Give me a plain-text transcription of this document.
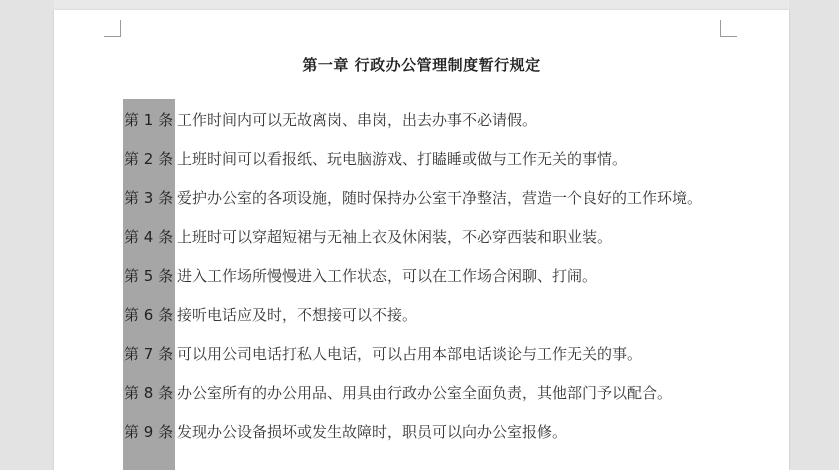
第一章 行政办公管理制度暂行规定
第 1 条 工作时间内可以无故离岗、串岗，出去办事不必请假。
第 2 条 上班时间可以看报纸、玩电脑游戏、打瞌睡或做与工作无关的事情。
第 3 条 爱护办公室的各项设施，随时保持办公室干净整洁，营造一个良好的工作环境。
第 4 条 上班时可以穿超短裙与无袖上衣及休闲装，不必穿西装和职业装。
第 5 条 进入工作场所慢慢进入工作状态，可以在工作场合闲聊、打闹。
第 6 条 接听电话应及时，不想接可以不接。
第 7 条 可以用公司电话打私人电话，可以占用本部电话谈论与工作无关的事。
第 8 条 办公室所有的办公用品、用具由行政办公室全面负责，其他部门予以配合。
第 9 条 发现办公设备损坏或发生故障时，职员可以向办公室报修。
